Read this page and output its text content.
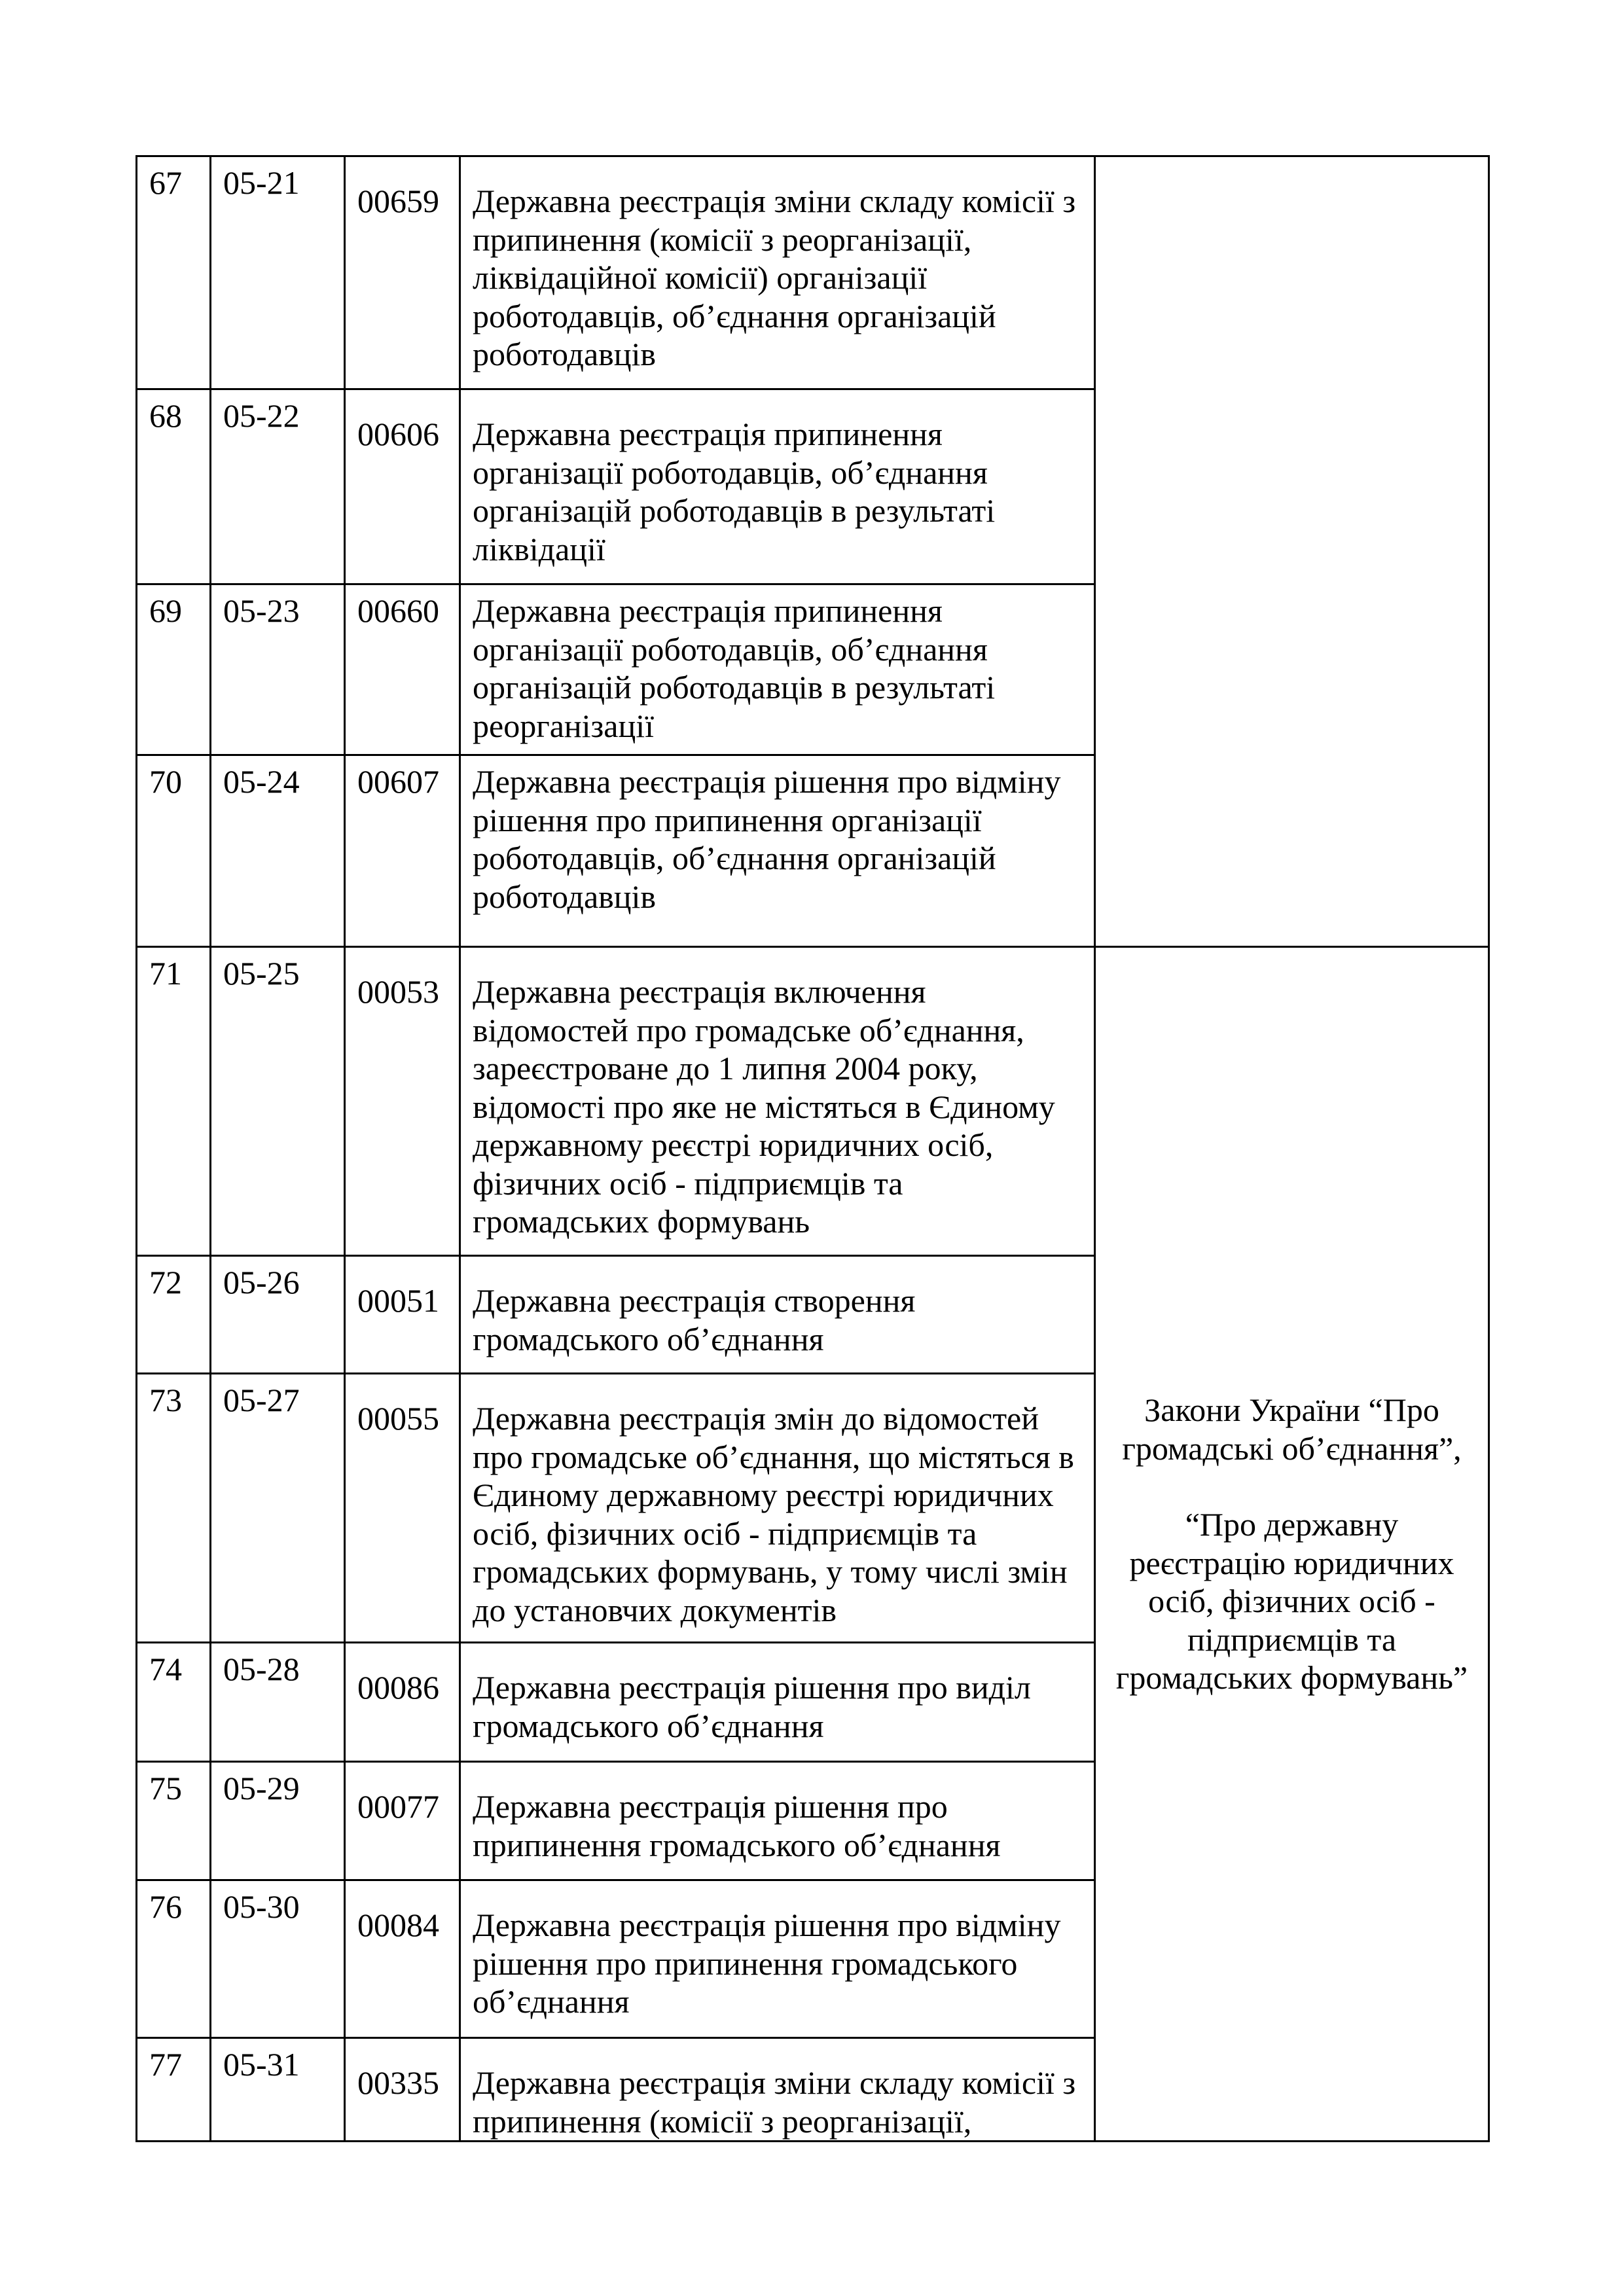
67	05-21	00659	Державна реєстрація зміни складу комісії з припинення (комісії з реорганізації, ліквідаційної комісії) організації роботодавців, об’єднання організацій роботодавців	
68	05-22	00606	Державна реєстрація припинення організації роботодавців, об’єднання організацій роботодавців в результаті ліквідації	
69	05-23	00660	Державна реєстрація припинення організації роботодавців, об’єднання організацій роботодавців в результаті реорганізації	
70	05-24	00607	Державна реєстрація рішення про відміну рішення про припинення організації роботодавців, об’єднання організацій роботодавців	
71	05-25	00053	Державна реєстрація включення відомостей про громадське об’єднання, зареєстроване до 1 липня 2004 року, відомості про яке не містяться в Єдиному державному реєстрі юридичних осіб, фізичних осіб - підприємців та громадських формувань	Закони України “Про громадські об’єднання”,

“Про державну реєстрацію юридичних осіб, фізичних осіб - підприємців та громадських формувань”

72	05-26	00051	Державна реєстрація створення громадського об’єднання	
73	05-27	00055	Державна реєстрація змін до відомостей про громадське об’єднання, що містяться в Єдиному державному реєстрі юридичних осіб, фізичних осіб - підприємців та громадських формувань, у тому числі змін до установчих документів	
74	05-28	00086	Державна реєстрація рішення про виділ громадського об’єднання	
75	05-29	00077	Державна реєстрація рішення про припинення громадського об’єднання	
76	05-30	00084	Державна реєстрація рішення про відміну рішення про припинення громадського об’єднання	
77	05-31	00335	Державна реєстрація зміни складу комісії з припинення (комісії з реорганізації,	
